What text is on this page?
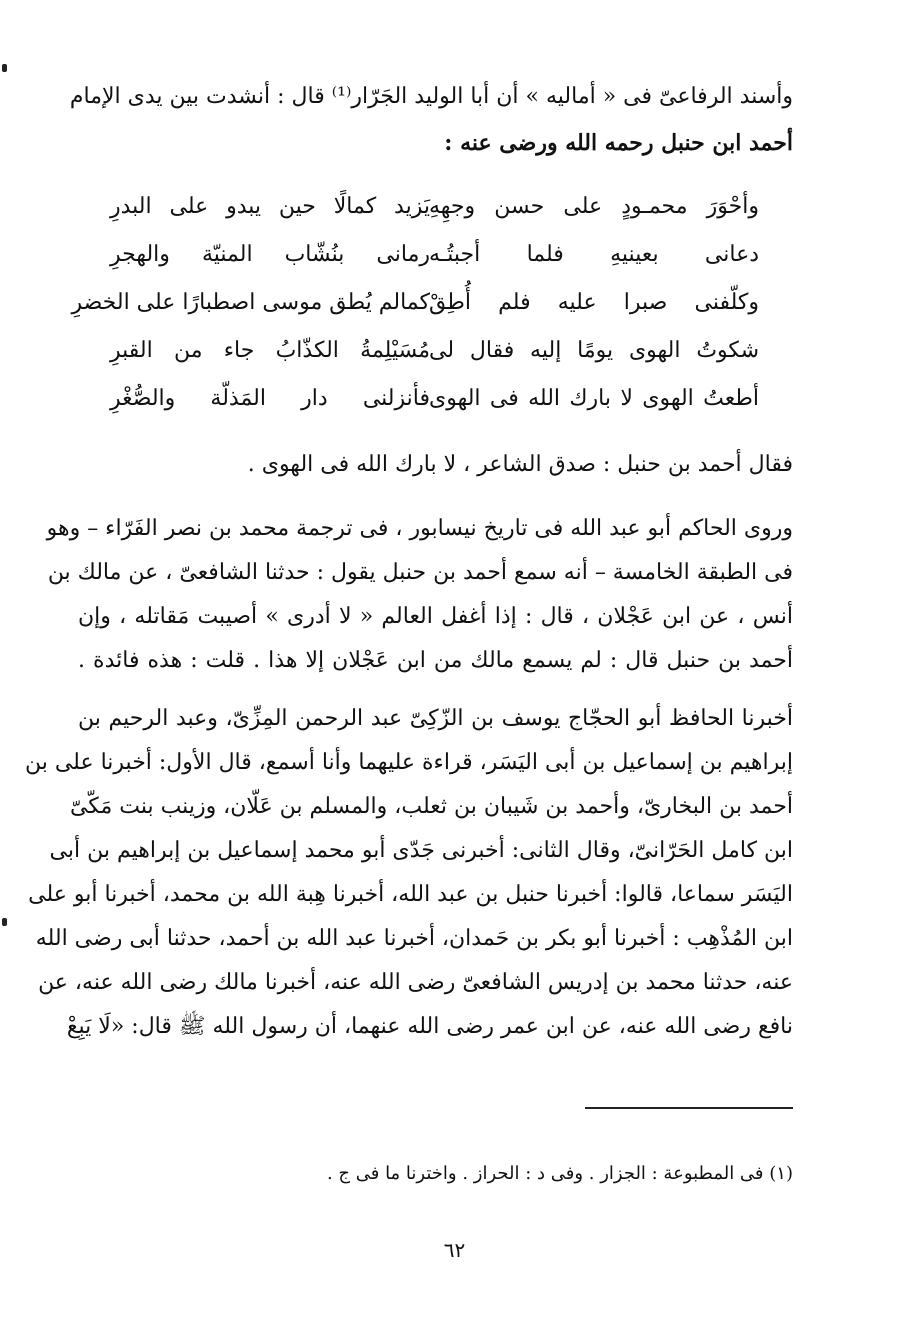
وأسند الرفاعىّ فى « أماليه » أن أبا الوليد الجَرّار⁽¹⁾ قال : أنشدت بين يدى الإمام
أحمد ابن حنبل رحمه الله ورضى عنه :
وأحْوَرَ محمـودٍ على حسن وجهِهِ
يَزيد كمالًا حين يبدو على البدرِ
دعانى بعينيهِ فلما أجبتُـه
رمانى بنُشّاب المنيّة والهجرِ
وكلّفنى صبرا عليه فلم أُطِقْ
كمالم يُطق موسى اصطبارًا على الخضرِ
شكوتُ الهوى يومًا إليه فقال لى
مُسَيْلِمةُ الكذّابُ جاء من القبرِ
أطعتُ الهوى لا بارك الله فى الهوى
فأنزلنى دار المَذلّة والصُّغْرِ
فقال أحمد بن حنبل : صدق الشاعر ، لا بارك الله فى الهوى .
وروى الحاكم أبو عبد الله فى تاريخ نيسابور ، فى ترجمة محمد بن نصر الفَرّاء – وهو
فى الطبقة الخامسة – أنه سمع أحمد بن حنبل يقول : حدثنا الشافعىّ ، عن مالك بن
أنس ، عن ابن عَجْلان ، قال : إذا أغفل العالم « لا أدرى » أصيبت مَقاتله ، وإن
أحمد بن حنبل قال : لم يسمع مالك من ابن عَجْلان إلا هذا . قلت : هذه فائدة .
أخبرنا الحافظ أبو الحجّاج يوسف بن الزّكِىّ عبد الرحمن المِزِّىّ، وعبد الرحيم بن
إبراهيم بن إسماعيل بن أبى اليَسَر، قراءة عليهما وأنا أسمع، قال الأول: أخبرنا على بن
أحمد بن البخارىّ، وأحمد بن شَيبان بن ثعلب، والمسلم بن عَلّان، وزينب بنت مَكّىّ
ابن كامل الحَرّانىّ، وقال الثانى: أخبرنى جَدّى أبو محمد إسماعيل بن إبراهيم بن أبى
اليَسَر سماعا، قالوا: أخبرنا حنبل بن عبد الله، أخبرنا هِبة الله بن محمد، أخبرنا أبو على
ابن المُذْهِب : أخبرنا أبو بكر بن حَمدان، أخبرنا عبد الله بن أحمد، حدثنا أبى رضى الله
عنه، حدثنا محمد بن إدريس الشافعىّ رضى الله عنه، أخبرنا مالك رضى الله عنه، عن
نافع رضى الله عنه، عن ابن عمر رضى الله عنهما، أن رسول الله ﷺ قال: «لَا يَبِعْ
(١) فى المطبوعة : الجزار . وفى د : الحراز . واخترنا ما فى ج .
٦٢
